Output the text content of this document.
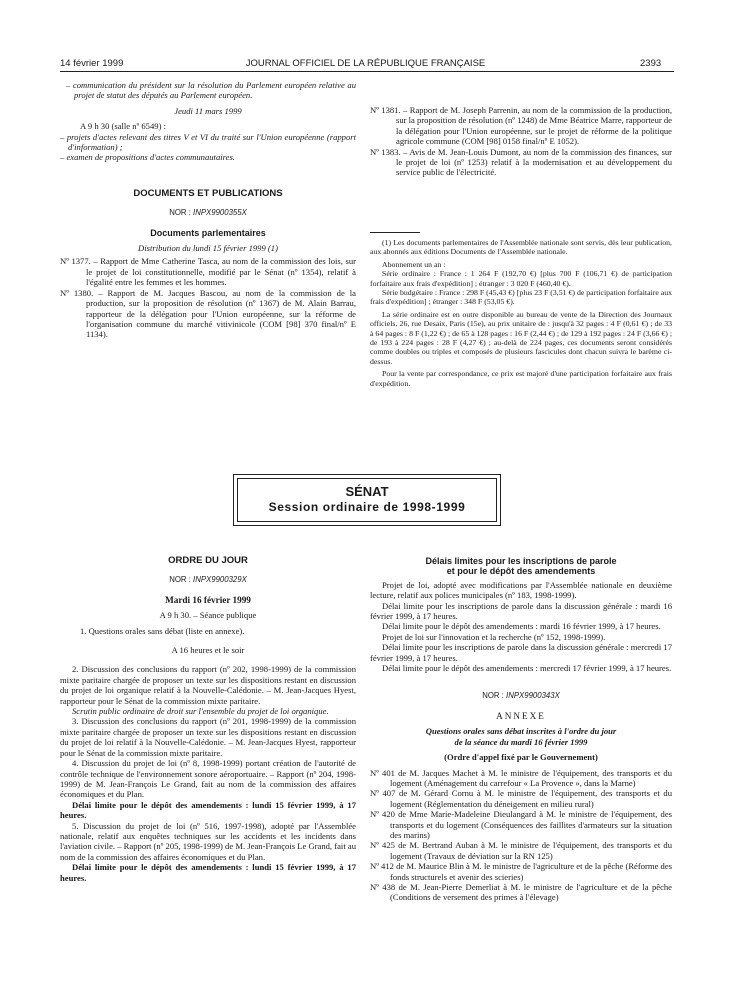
14 février 1999	JOURNAL OFFICIEL DE LA RÉPUBLIQUE FRANÇAISE	2393

– communication du président sur la résolution du Parlement européen relative au projet de statut des députés au Parlement européen.

Jeudi 11 mars 1999

A 9 h 30 (salle nº 6549) :

– projets d'actes relevant des titres V et VI du traité sur l'Union européenne (rapport d'information) ;

– examen de propositions d'actes communautaires.

DOCUMENTS ET PUBLICATIONS

NOR : INPX9900355X

Documents parlementaires

Distribution du lundi 15 février 1999 (1)

Nº 1377. – Rapport de Mme Catherine Tasca, au nom de la commission des lois, sur le projet de loi constitutionnelle, modifié par le Sénat (nº 1354), relatif à l'égalité entre les femmes et les hommes.

Nº 1380. – Rapport de M. Jacques Bascou, au nom de la commission de la production, sur la proposition de résolution (nº 1367) de M. Alain Barrau, rapporteur de la délégation pour l'Union européenne, sur la réforme de l'organisation commune du marché vitivinicole (COM [98] 370 final/nº E 1134).

Nº 1381. – Rapport de M. Joseph Parrenin, au nom de la commission de la production, sur la proposition de résolution (nº 1248) de Mme Béatrice Marre, rapporteur de la délégation pour l'Union européenne, sur le projet de réforme de la politique agricole commune (COM [98] 0158 final/nº E 1052).

Nº 1383. – Avis de M. Jean-Louis Dumont, au nom de la commission des finances, sur le projet de loi (nº 1253) relatif à la modernisation et au développement du service public de l'électricité.

(1) Les documents parlementaires de l'Assemblée nationale sont servis, dès leur publication, aux abonnés aux éditions Documents de l'Assemblée nationale.

Abonnement un an :

Série ordinaire : France : 1 264 F (192,70 €) [plus 700 F (106,71 €) de participation forfaitaire aux frais d'expédition] ; étranger : 3 020 F (460,40 €).

Série budgétaire : France : 298 F (45,43 €) [plus 23 F (3,51 €) de participation forfaitaire aux frais d'expédition] ; étranger : 348 F (53,05 €).

La série ordinaire est en outre disponible au bureau de vente de la Direction des Journaux officiels, 26, rue Desaix, Paris (15e), au prix unitaire de : jusqu'à 32 pages : 4 F (0,61 €) ; de 33 à 64 pages : 8 F (1,22 €) ; de 65 à 128 pages : 16 F (2,44 €) ; de 129 à 192 pages : 24 F (3,66 €) ; de 193 à 224 pages : 28 F (4,27 €) ; au-delà de 224 pages, ces documents seront considérés comme doubles ou triples et composés de plusieurs fascicules dont chacun suivra le barème ci-dessus.

Pour la vente par correspondance, ce prix est majoré d'une participation forfaitaire aux frais d'expédition.

SÉNAT
Session ordinaire de 1998-1999

ORDRE DU JOUR

NOR : INPX9900329X

Mardi 16 février 1999

A 9 h 30. – Séance publique

1. Questions orales sans débat (liste en annexe).

A 16 heures et le soir

2. Discussion des conclusions du rapport (nº 202, 1998-1999) de la commission mixte paritaire chargée de proposer un texte sur les dispositions restant en discussion du projet de loi organique relatif à la Nouvelle-Calédonie. – M. Jean-Jacques Hyest, rapporteur pour le Sénat de la commission mixte paritaire.

Scrutin public ordinaire de droit sur l'ensemble du projet de loi organique.

3. Discussion des conclusions du rapport (nº 201, 1998-1999) de la commission mixte paritaire chargée de proposer un texte sur les dispositions restant en discussion du projet de loi relatif à la Nouvelle-Calédonie. – M. Jean-Jacques Hyest, rapporteur pour le Sénat de la commission mixte paritaire.

4. Discussion du projet de loi (nº 8, 1998-1999) portant création de l'autorité de contrôle technique de l'environnement sonore aéroportuaire. – Rapport (nº 204, 1998-1999) de M. Jean-François Le Grand, fait au nom de la commission des affaires économiques et du Plan.

Délai limite pour le dépôt des amendements : lundi 15 février 1999, à 17 heures.

5. Discussion du projet de loi (nº 516, 1997-1998), adopté par l'Assemblée nationale, relatif aux enquêtes techniques sur les accidents et les incidents dans l'aviation civile. – Rapport (nº 205, 1998-1999) de M. Jean-François Le Grand, fait au nom de la commission des affaires économiques et du Plan.

Délai limite pour le dépôt des amendements : lundi 15 février 1999, à 17 heures.

Délais limites pour les inscriptions de parole

et pour le dépôt des amendements

Projet de loi, adopté avec modifications par l'Assemblée nationale en deuxième lecture, relatif aux polices municipales (nº 183, 1998-1999).

Délai limite pour les inscriptions de parole dans la discussion générale : mardi 16 février 1999, à 17 heures.

Délai limite pour le dépôt des amendements : mardi 16 février 1999, à 17 heures.

Projet de loi sur l'innovation et la recherche (nº 152, 1998-1999).

Délai limite pour les inscriptions de parole dans la discussion générale : mercredi 17 février 1999, à 17 heures.

Délai limite pour le dépôt des amendements : mercredi 17 février 1999, à 17 heures.

NOR : INPX9900343X

ANNEXE

Questions orales sans débat inscrites à l'ordre du jour

de la séance du mardi 16 février 1999

(Ordre d'appel fixé par le Gouvernement)

Nº 401 de M. Jacques Machet à M. le ministre de l'équipement, des transports et du logement (Aménagement du carrefour « La Provence », dans la Marne)

Nº 407 de M. Gérard Cornu à M. le ministre de l'équipement, des transports et du logement (Réglementation du déneigement en milieu rural)

Nº 420 de Mme Marie-Madeleine Dieulangard à M. le ministre de l'équipement, des transports et du logement (Conséquences des faillites d'armateurs sur la situation des marins)

Nº 425 de M. Bertrand Auban à M. le ministre de l'équipement, des transports et du logement (Travaux de déviation sur la RN 125)

Nº 412 de M. Maurice Blin à M. le ministre de l'agriculture et de la pêche (Réforme des fonds structurels et avenir des scieries)

Nº 438 de M. Jean-Pierre Demerliat à M. le ministre de l'agriculture et de la pêche (Conditions de versement des primes à l'élevage)
